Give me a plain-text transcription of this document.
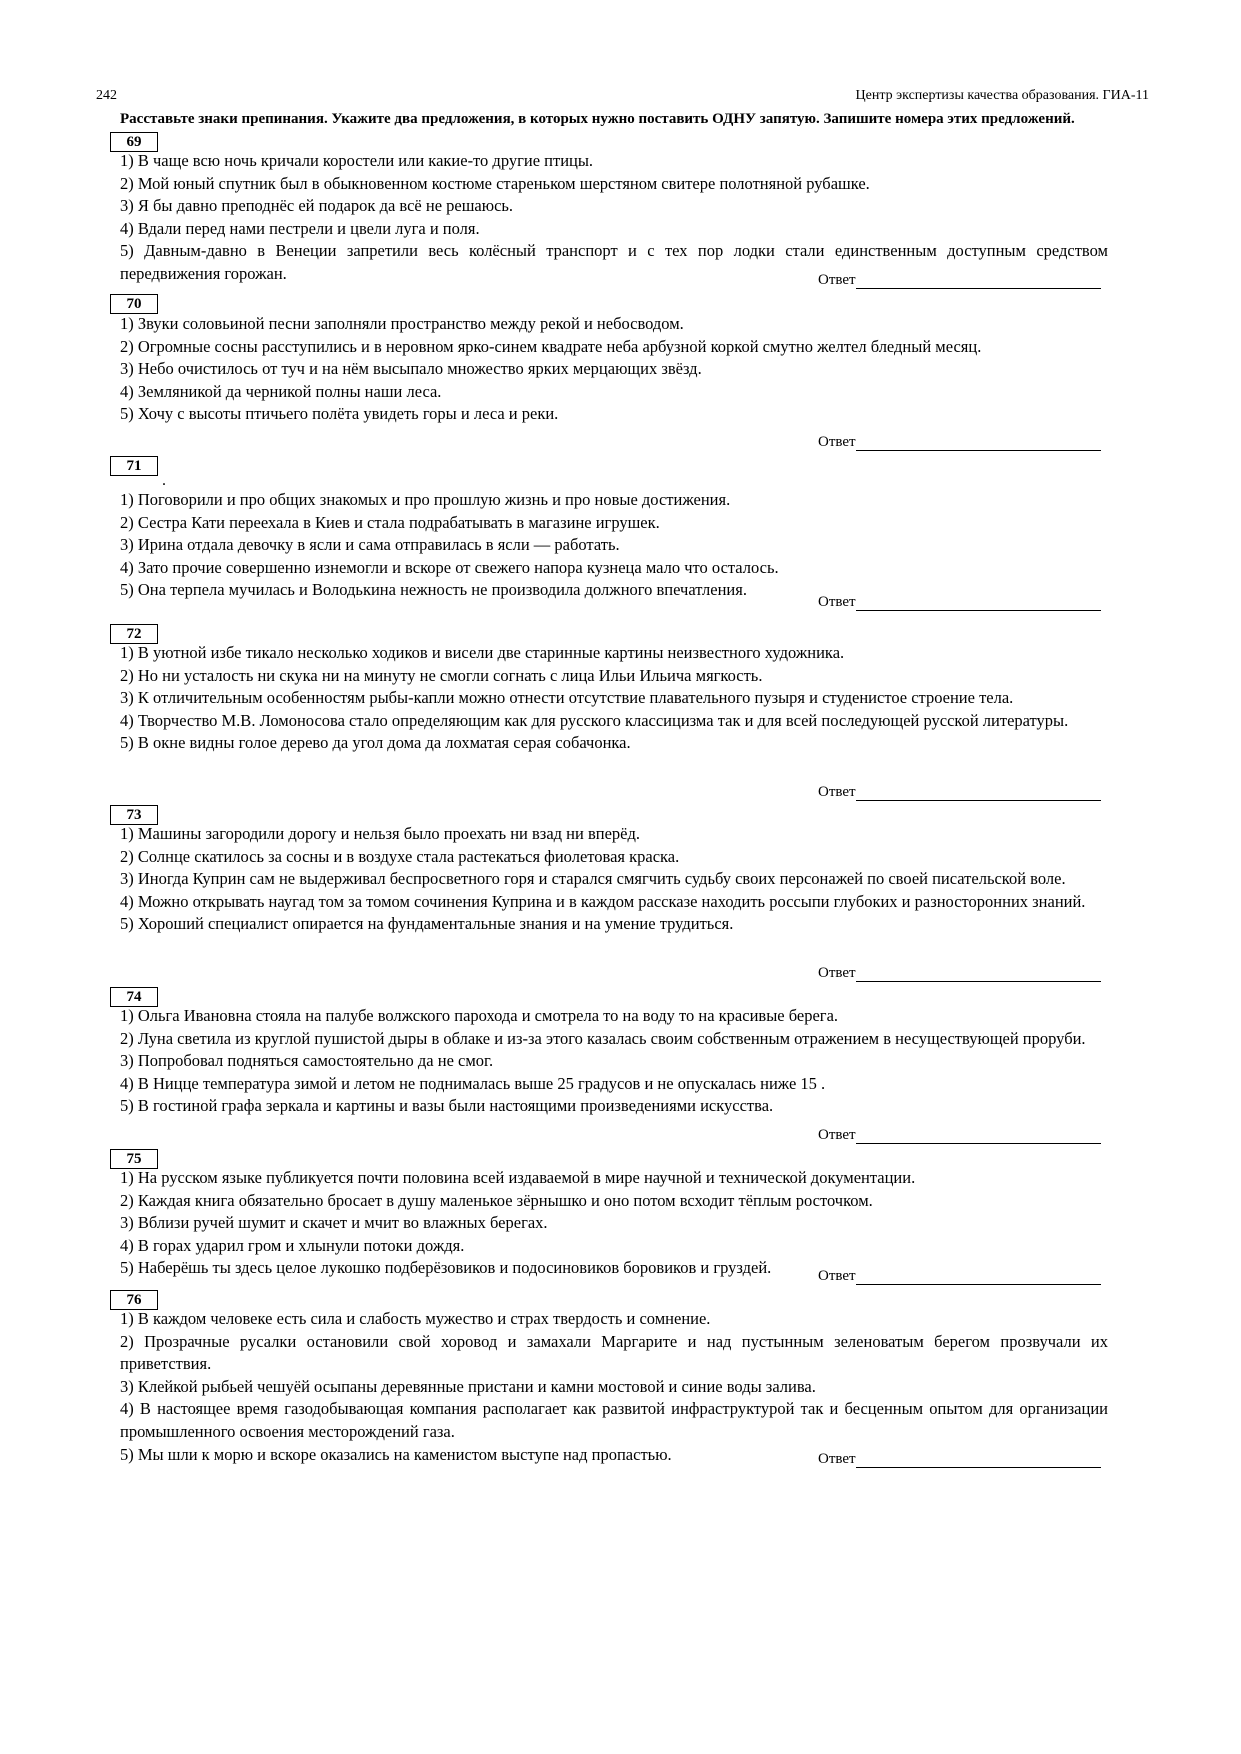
242	Центр экспертизы качества образования. ГИА-11
Расставьте знаки препинания. Укажите два предложения, в которых нужно поставить ОДНУ запятую. Запишите номера этих предложений.
69

1) В чаще всю ночь кричали коростели или какие-то другие птицы.

2) Мой юный спутник был в обыкновенном костюме стареньком шерстяном свитере полотняной рубашке.

3) Я бы давно преподнёс ей подарок да всё не решаюсь.

4) Вдали перед нами пестрели и цвели луга и поля.

5) Давным-давно в Венеции запретили весь колёсный транспорт и с тех пор лодки стали единственным доступным средством передвижения горожан.	Ответ
70

1) Звуки соловьиной песни заполняли пространство между рекой и небосводом.

2) Огромные сосны расступились и в неровном ярко-синем квадрате неба арбузной коркой смутно желтел бледный месяц.

3) Небо очистилось от туч и на нём высыпало множество ярких мерцающих звёзд.

4) Земляникой да черникой полны наши леса.

5) Хочу с высоты птичьего полёта увидеть горы и леса и реки.

Ответ
71
.

1) Поговорили и про общих знакомых и про прошлую жизнь и про новые достижения.

2) Сестра Кати переехала в Киев и стала подрабатывать в магазине игрушек.

3) Ирина отдала девочку в ясли и сама отправилась в ясли — работать.

4) Зато прочие совершенно изнемогли и вскоре от свежего напора кузнеца мало что осталось.

5) Она терпела мучилась и Володькина нежность не производила должного впечатления.

Ответ
72

1) В уютной избе тикало несколько ходиков и висели две старинные картины неизвестного художника.

2) Но ни усталость ни скука ни на минуту не смогли согнать с лица Ильи Ильича мягкость.

3) К отличительным особенностям рыбы-капли можно отнести отсутствие плавательного пузыря и студенистое строение тела.

4) Творчество М.В. Ломоносова стало определяющим как для русского классицизма так и для всей последующей русской литературы.

5) В окне видны голое дерево да угол дома да лохматая серая собачонка.

Ответ
73

1) Машины загородили дорогу и нельзя было проехать ни взад ни вперёд.

2) Солнце скатилось за сосны и в воздухе стала растекаться фиолетовая краска.

3) Иногда Куприн сам не выдерживал беспросветного горя и старался смягчить судьбу своих персонажей по своей писательской воле.

4) Можно открывать наугад том за томом сочинения Куприна и в каждом рассказе находить россыпи глубоких и разносторонних знаний.

5) Хороший специалист опирается на фундаментальные знания и на умение трудиться.

Ответ
74

1) Ольга Ивановна стояла на палубе волжского парохода и смотрела то на воду то на красивые берега.

2) Луна светила из круглой пушистой дыры в облаке и из-за этого казалась своим собственным отражением в несуществующей проруби.

3) Попробовал подняться самостоятельно да не смог.

4) В Ницце температура зимой и летом не поднималась выше 25 градусов и не опускалась ниже 15 .

5) В гостиной графа зеркала и картины и вазы были настоящими произведениями искусства.

Ответ
75

1) На русском языке публикуется почти половина всей издаваемой в мире научной и технической документации.

2) Каждая книга обязательно бросает в душу маленькое зёрнышко и оно потом всходит тёплым росточком.

3) Вблизи ручей шумит и скачет и мчит во влажных берегах.

4) В горах ударил гром и хлынули потоки дождя.

5) Наберёшь ты здесь целое лукошко подберёзовиков и подосиновиков боровиков и груздей.	Ответ
76

1) В каждом человеке есть сила и слабость мужество и страх твердость и сомнение.

2) Прозрачные русалки остановили свой хоровод и замахали Маргарите и над пустынным зеленоватым берегом прозвучали их приветствия.

3) Клейкой рыбьей чешуёй осыпаны деревянные пристани и камни мостовой и синие воды залива.

4) В настоящее время газодобывающая компания располагает как развитой инфраструктурой так и бесценным опытом для организации промышленного освоения месторождений газа.

5) Мы шли к морю и вскоре оказались на каменистом выступе над пропастью.	Ответ
